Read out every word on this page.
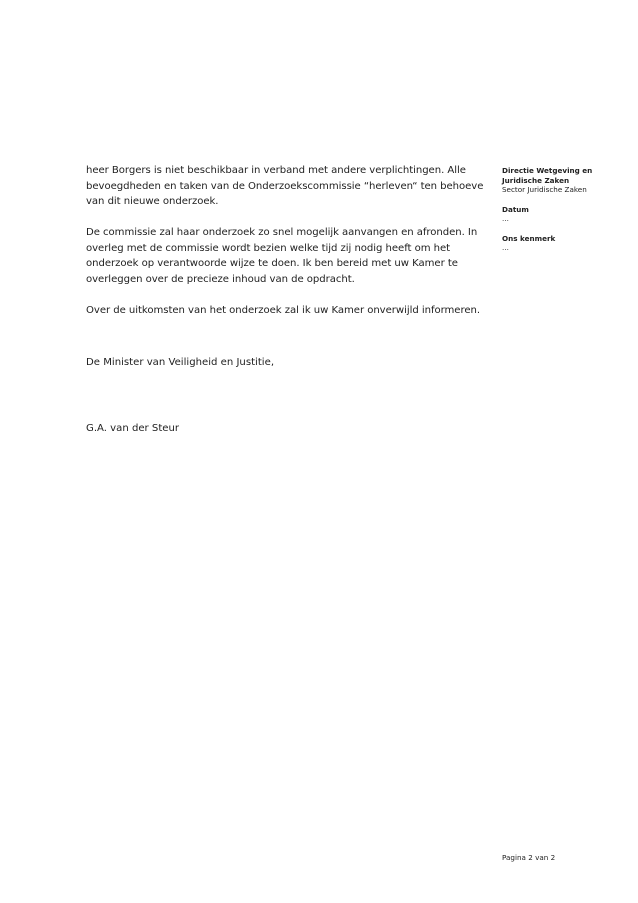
heer Borgers is niet beschikbaar in verband met andere verplichtingen. Alle
bevoegdheden en taken van de Onderzoekscommissie “herleven“ ten behoeve
van dit nieuwe onderzoek.

De commissie zal haar onderzoek zo snel mogelijk aanvangen en afronden. In
overleg met de commissie wordt bezien welke tijd zij nodig heeft om het
onderzoek op verantwoorde wijze te doen. Ik ben bereid met uw Kamer te
overleggen over de precieze inhoud van de opdracht.

Over de uitkomsten van het onderzoek zal ik uw Kamer onverwijld informeren.

De Minister van Veiligheid en Justitie,
G.A. van der Steur
Directie Wetgeving en Juridische Zaken
Sector Juridische Zaken
Datum
...
Ons kenmerk
...
Pagina 2 van 2
